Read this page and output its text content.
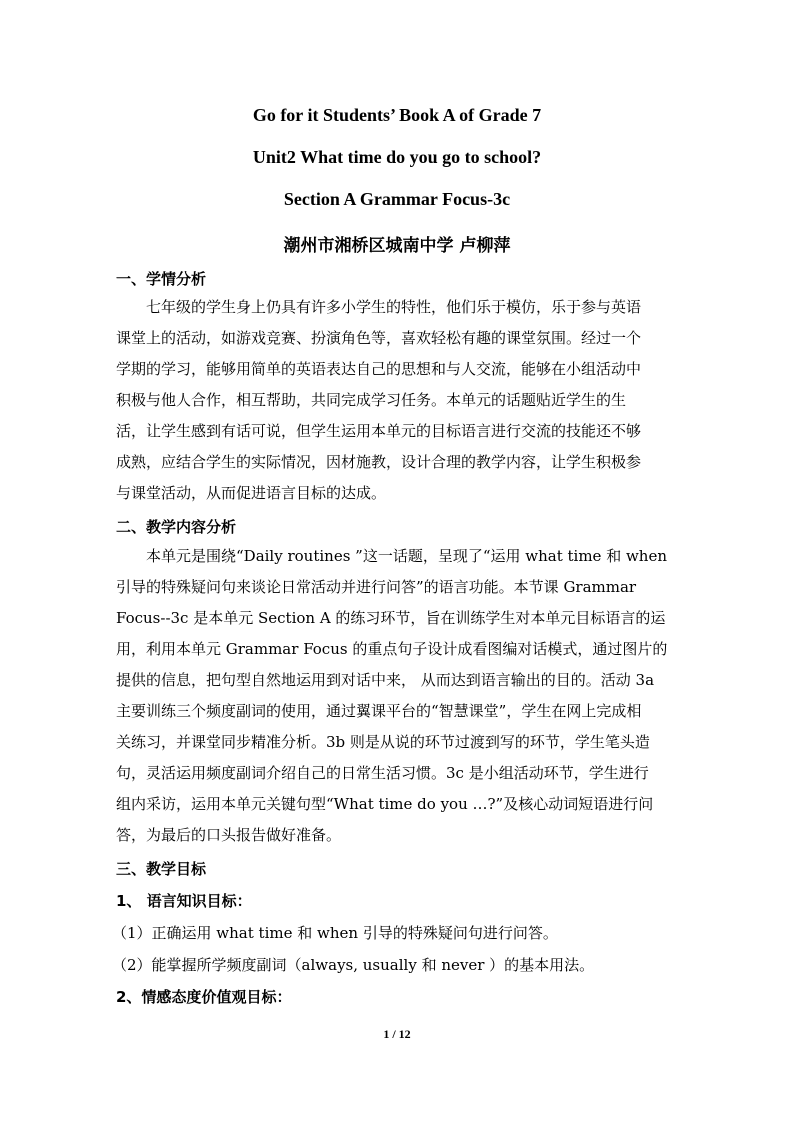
Go for it Students’ Book A of Grade 7
Unit2 What time do you go to school?
Section A Grammar Focus-3c
潮州市湘桥区城南中学 卢柳萍
一、学情分析
七年级的学生身上仍具有许多小学生的特性，他们乐于模仿，乐于参与英语
课堂上的活动，如游戏竞赛、扮演角色等，喜欢轻松有趣的课堂氛围。经过一个
学期的学习，能够用简单的英语表达自己的思想和与人交流，能够在小组活动中
积极与他人合作，相互帮助，共同完成学习任务。本单元的话题贴近学生的生
活，让学生感到有话可说，但学生运用本单元的目标语言进行交流的技能还不够
成熟，应结合学生的实际情况，因材施教，设计合理的教学内容，让学生积极参
与课堂活动，从而促进语言目标的达成。
二、教学内容分析
本单元是围绕“Daily routines ”这一话题，呈现了“运用 what time 和 when
引导的特殊疑问句来谈论日常活动并进行问答”的语言功能。本节课 Grammar
Focus--3c 是本单元 Section A 的练习环节，旨在训练学生对本单元目标语言的运
用，利用本单元 Grammar Focus 的重点句子设计成看图编对话模式，通过图片的
提供的信息，把句型自然地运用到对话中来， 从而达到语言输出的目的。活动 3a
主要训练三个频度副词的使用，通过翼课平台的“智慧课堂”，学生在网上完成相
关练习，并课堂同步精准分析。3b 则是从说的环节过渡到写的环节，学生笔头造
句，灵活运用频度副词介绍自己的日常生活习惯。3c 是小组活动环节，学生进行
组内采访，运用本单元关键句型“What time do you …?”及核心动词短语进行问
答，为最后的口头报告做好准备。
三、教学目标
1、 语言知识目标：
（1）正确运用 what time 和 when 引导的特殊疑问句进行问答。
（2）能掌握所学频度副词（always, usually 和 never ）的基本用法。
2、情感态度价值观目标：
1 / 12
